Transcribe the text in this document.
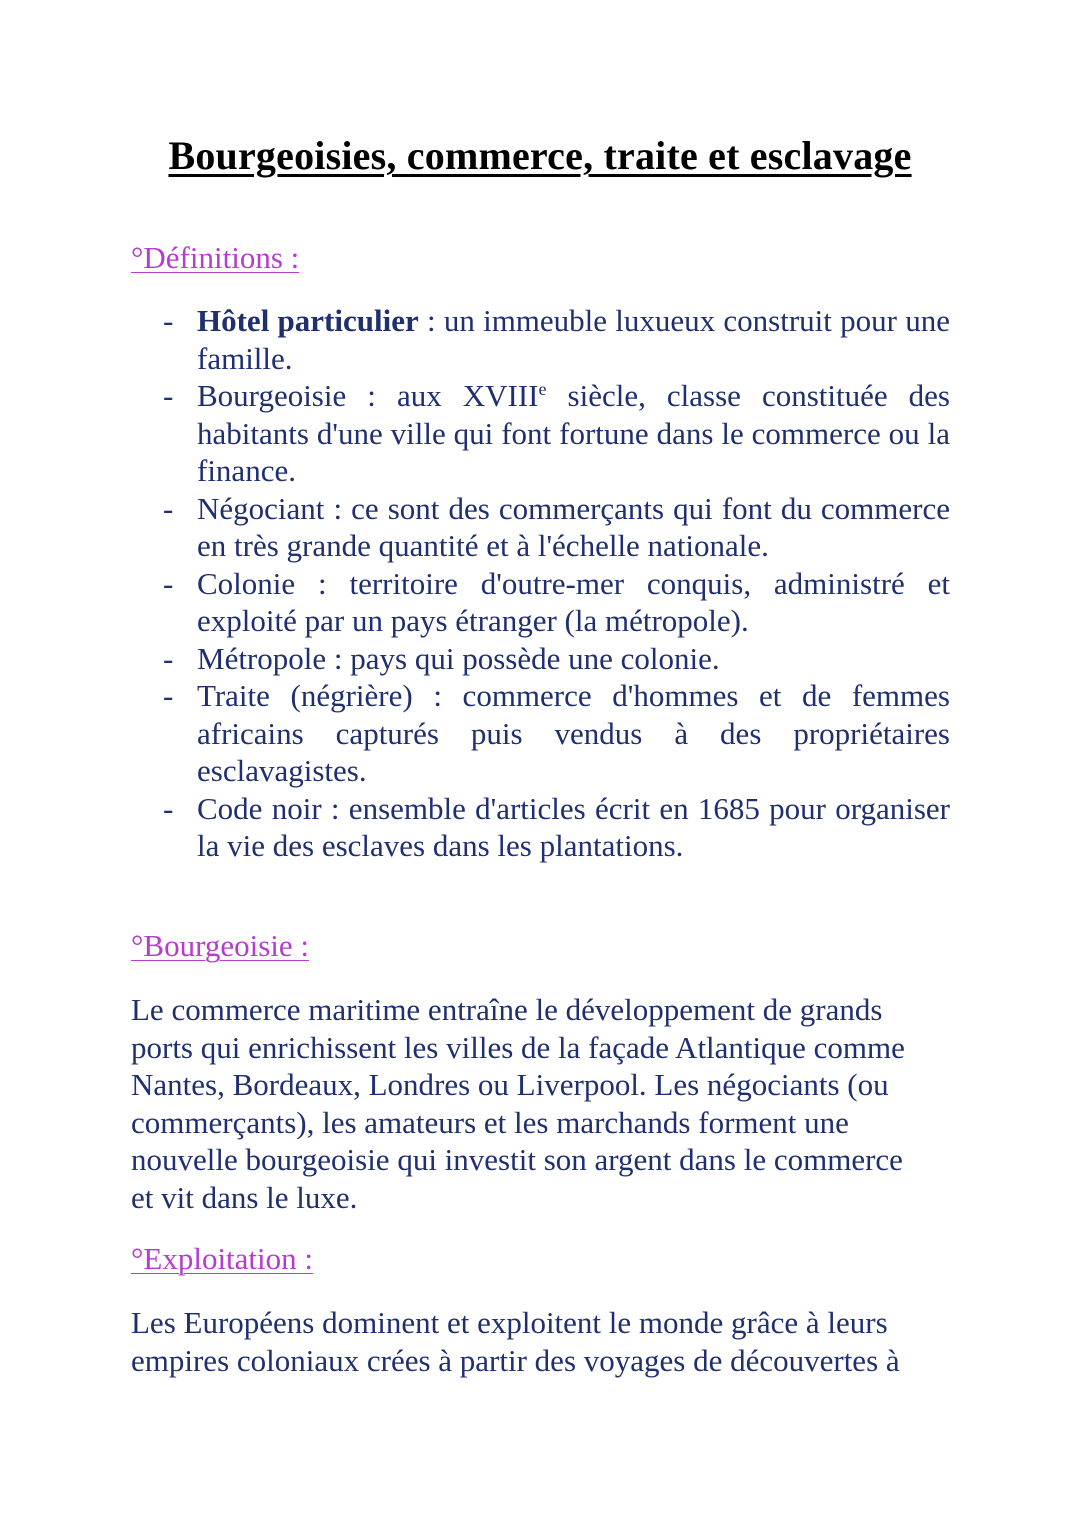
Bourgeoisies, commerce, traite et esclavage
°Définitions :
- Hôtel particulier : un immeuble luxueux construit pour une famille.
- Bourgeoisie : aux XVIIIe siècle, classe constituée des habitants d'une ville qui font fortune dans le commerce ou la finance.
- Négociant : ce sont des commerçants qui font du commerce en très grande quantité et à l'échelle nationale.
- Colonie : territoire d'outre-mer conquis, administré et exploité par un pays étranger (la métropole).
- Métropole : pays qui possède une colonie.
- Traite (négrière) : commerce d'hommes et de femmes africains capturés puis vendus à des propriétaires esclavagistes.
- Code noir : ensemble d'articles écrit en 1685 pour organiser la vie des esclaves dans les plantations.
°Bourgeoisie :
Le commerce maritime entraîne le développement de grands
ports qui enrichissent les villes de la façade Atlantique comme
Nantes, Bordeaux, Londres ou Liverpool. Les négociants (ou
commerçants), les amateurs et les marchands forment une
nouvelle bourgeoisie qui investit son argent dans le commerce
et vit dans le luxe.
°Exploitation :
Les Européens dominent et exploitent le monde grâce à leurs
empires coloniaux crées à partir des voyages de découvertes à
